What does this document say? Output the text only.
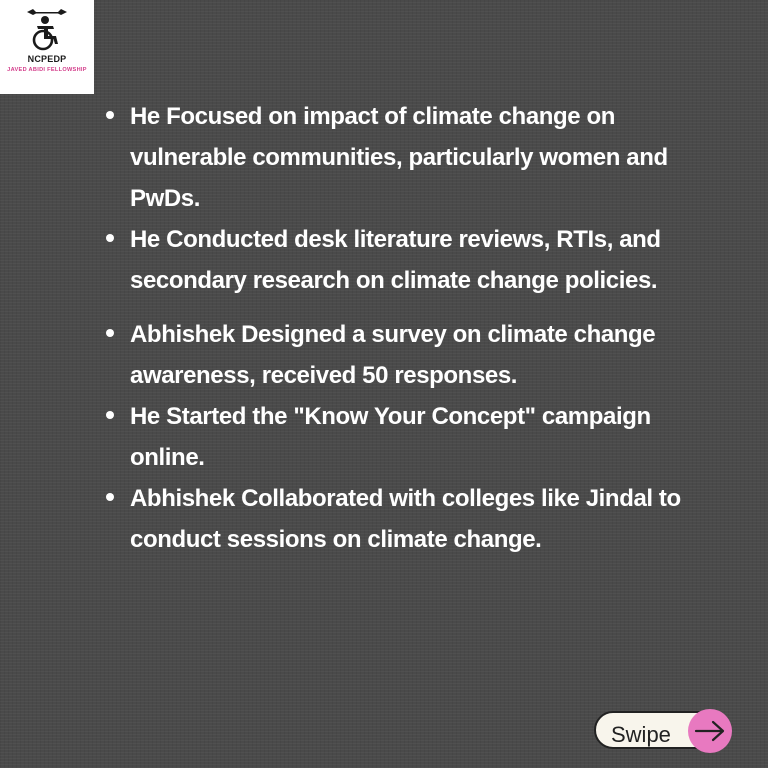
NCPEDP
JAVED ABIDI FELLOWSHIP
He Focused on impact of climate change on vulnerable communities, particularly women and PwDs.
He Conducted desk literature reviews, RTIs, and secondary research on climate change policies.
Abhishek Designed a survey on climate change awareness, received 50 responses.
He Started the "Know Your Concept" campaign online.
Abhishek Collaborated with colleges like Jindal to conduct sessions on climate change.
Swipe
